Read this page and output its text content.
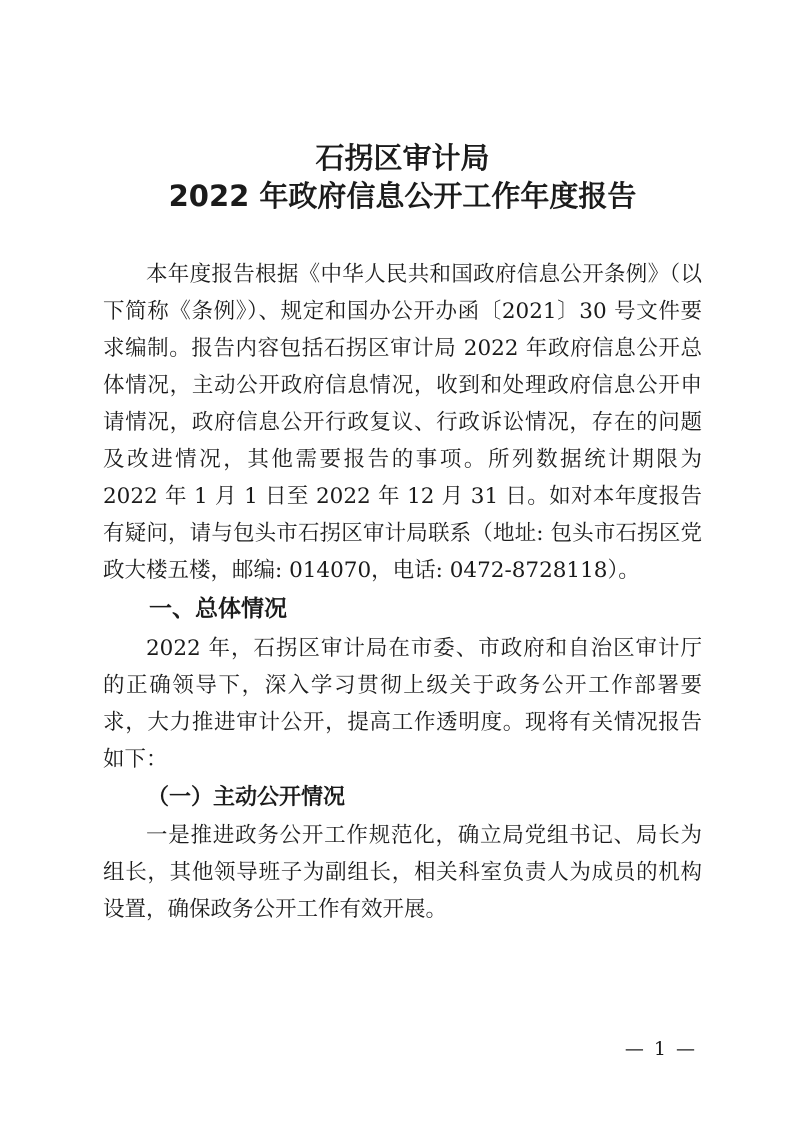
石拐区审计局
2022 年政府信息公开工作年度报告

本年度报告根据《中华人民共和国政府信息公开条例》（以下简称《条例》）、规定和国办公开办函〔2021〕30 号文件要求编制。报告内容包括石拐区审计局 2022 年政府信息公开总体情况，主动公开政府信息情况，收到和处理政府信息公开申请情况，政府信息公开行政复议、行政诉讼情况，存在的问题及改进情况，其他需要报告的事项。所列数据统计期限为 2022 年 1 月 1 日至 2022 年 12 月 31 日。如对本年度报告有疑问，请与包头市石拐区审计局联系（地址: 包头市石拐区党政大楼五楼，邮编: 014070，电话: 0472-8728118）。

一、总体情况

2022 年，石拐区审计局在市委、市政府和自治区审计厅的正确领导下，深入学习贯彻上级关于政务公开工作部署要求，大力推进审计公开，提高工作透明度。现将有关情况报告如下：

（一）主动公开情况

一是推进政务公开工作规范化，确立局党组书记、局长为组长，其他领导班子为副组长，相关科室负责人为成员的机构设置，确保政务公开工作有效开展。

— 1 —
